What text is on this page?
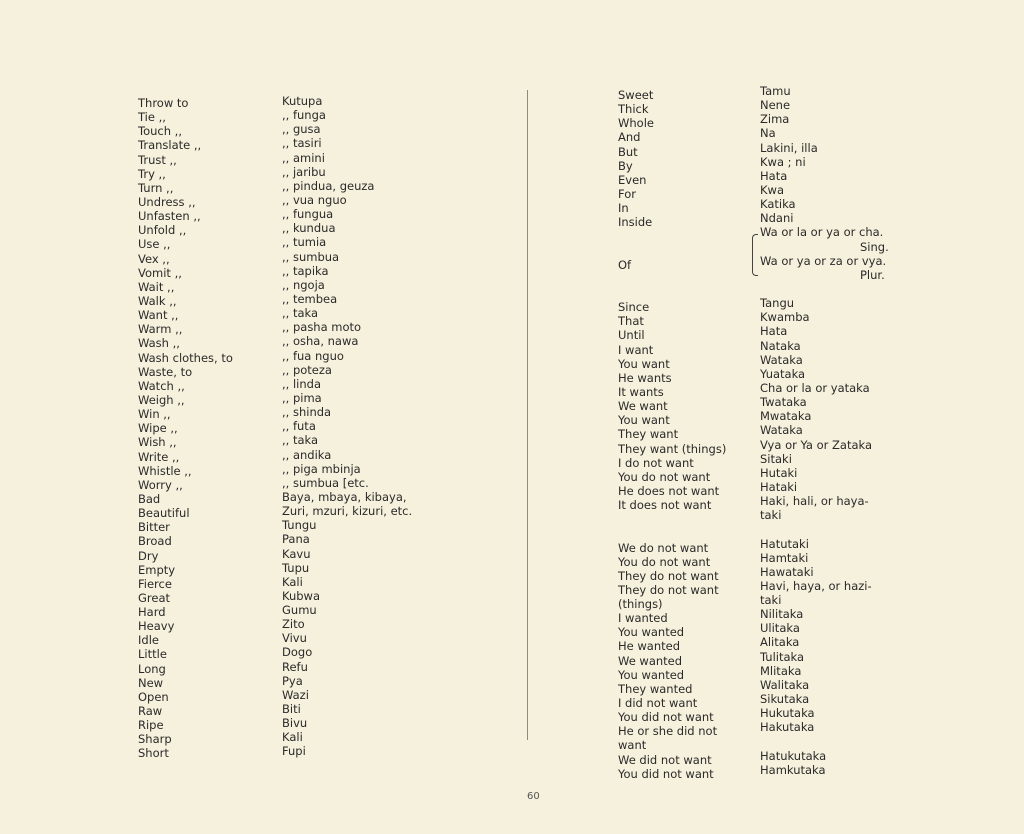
Throw to
Tie ,,
Touch ,,
Translate ,,
Trust ,,
Try ,,
Turn ,,
Undress ,,
Unfasten ,,
Unfold ,,
Use ,,
Vex ,,
Vomit ,,
Wait ,,
Walk ,,
Want ,,
Warm ,,
Wash ,,
Wash clothes, to
Waste, to
Watch ,,
Weigh ,,
Win ,,
Wipe ,,
Wish ,,
Write ,,
Whistle ,,
Worry ,,
Bad
Beautiful
Bitter
Broad
Dry
Empty
Fierce
Great
Hard
Heavy
Idle
Little
Long
New
Open
Raw
Ripe
Sharp
Short
Kutupa
,, funga
,, gusa
,, tasiri
,, amini
,, jaribu
,, pindua, geuza
,, vua nguo
,, fungua
,, kundua
,, tumia
,, sumbua
,, tapika
,, ngoja
,, tembea
,, taka
,, pasha moto
,, osha, nawa
,, fua nguo
,, poteza
,, linda
,, pima
,, shinda
,, futa
,, taka
,, andika
,, piga mbinja
,, sumbua [etc.
Baya, mbaya, kibaya,
Zuri, mzuri, kizuri, etc.
Tungu
Pana
Kavu
Tupu
Kali
Kubwa
Gumu
Zito
Vivu
Dogo
Refu
Pya
Wazi
Biti
Bivu
Kali
Fupi
Sweet
Thick
Whole
And
But
By
Even
For
In
Inside
Of
Since
That
Until
I want
You want
He wants
It wants
We want
You want
They want
They want (things)
I do not want
You do not want
He does not want
It does not want
We do not want
You do not want
They do not want
They do not want
(things)
I wanted
You wanted
He wanted
We wanted
You wanted
They wanted
I did not want
You did not want
He or she did not
want
We did not want
You did not want
Tamu
Nene
Zima
Na
Lakini, illa
Kwa ; ni
Hata
Kwa
Katika
Ndani
Wa or la or ya or cha.
Sing.
Wa or ya or za or vya.
Plur.
Tangu
Kwamba
Hata
Nataka
Wataka
Yuataka
Cha or la or yataka
Twataka
Mwataka
Wataka
Vya or Ya or Zataka
Sitaki
Hutaki
Hataki
Haki, hali, or haya-
taki
Hatutaki
Hamtaki
Hawataki
Havi, haya, or hazi-
taki
Nilitaka
Ulitaka
Alitaka
Tulitaka
Mlitaka
Walitaka
Sikutaka
Hukutaka
Hakutaka
Hatukutaka
Hamkutaka
60
